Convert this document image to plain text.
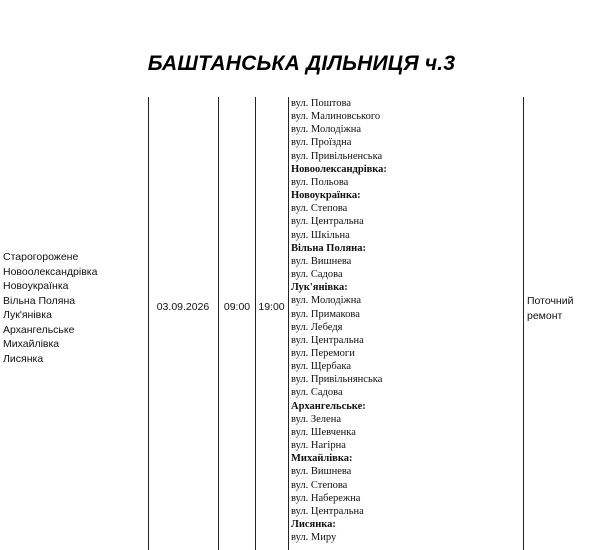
БАШТАНСЬКА ДІЛЬНИЦЯ ч.3
Старогорожене
Новоолександрівка
Новоукраїнка
Вільна Поляна
Лук'янівка
Архангельське
Михайлівка
Лисянка
03.09.2026	09:00 19:00	Поточний
ремонт
вул. Поштова
вул. Малиновського
вул. Молодіжна
вул. Проїздна
вул. Привільненська
Новоолександрівка:
вул. Польова
Новоукраїнка:
вул. Степова
вул. Центральна
вул. Шкільна
Вільна Поляна:
вул. Вишнева
вул. Садова
Лук'янівка:
вул. Молодіжна
вул. Примакова
вул. Лебедя
вул. Центральна
вул. Перемоги
вул. Щербака
вул. Привільнянська
вул. Садова
Архангельське:
вул. Зелена
вул. Шевченка
вул. Нагірна
Михайлівка:
вул. Вишнева
вул. Степова
вул. Набережна
вул. Центральна
Лисянка:
вул. Миру
